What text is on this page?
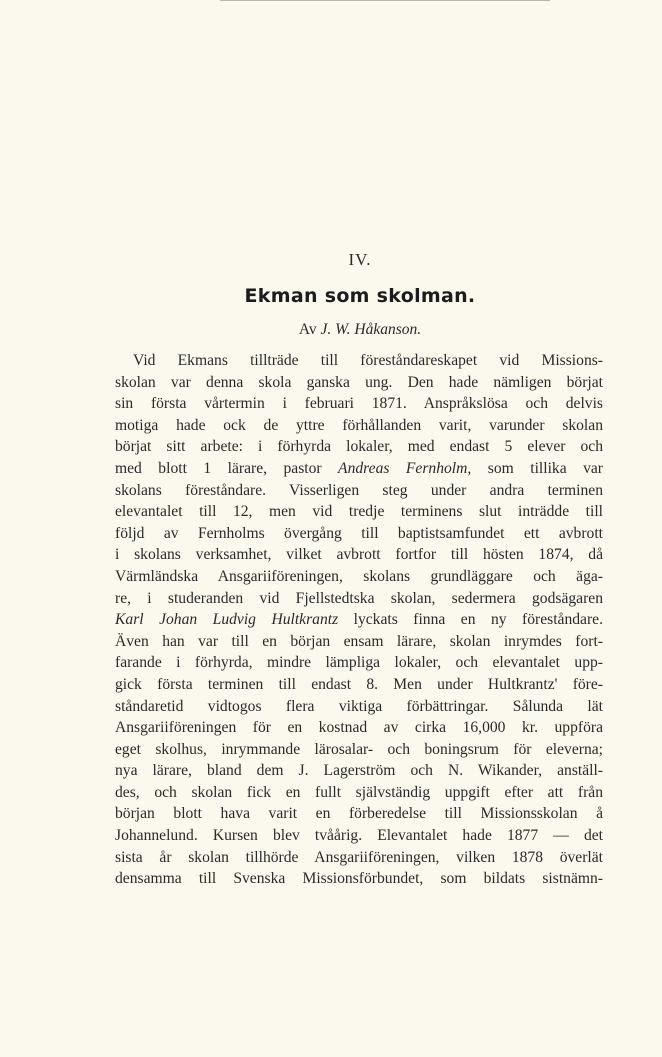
IV.
Ekman som skolman.
Av J. W. Håkanson.
Vid Ekmans tillträde till föreståndareskapet vid Missions-
skolan var denna skola ganska ung. Den hade nämligen börjat
sin första vårtermin i februari 1871. Anspråkslösa och delvis
motiga hade ock de yttre förhållanden varit, varunder skolan
börjat sitt arbete: i förhyrda lokaler, med endast 5 elever och
med blott 1 lärare, pastor Andreas Fernholm, som tillika var
skolans föreståndare. Visserligen steg under andra terminen
elevantalet till 12, men vid tredje terminens slut inträdde till
följd av Fernholms övergång till baptistsamfundet ett avbrott
i skolans verksamhet, vilket avbrott fortfor till hösten 1874, då
Värmländska Ansgariiföreningen, skolans grundläggare och äga-
re, i studeranden vid Fjellstedtska skolan, sedermera godsägaren
Karl Johan Ludvig Hultkrantz lyckats finna en ny föreståndare.
Även han var till en början ensam lärare, skolan inrymdes fort-
farande i förhyrda, mindre lämpliga lokaler, och elevantalet upp-
gick första terminen till endast 8. Men under Hultkrantz' före-
ståndaretid vidtogos flera viktiga förbättringar. Sålunda lät
Ansgariiföreningen för en kostnad av cirka 16,000 kr. uppföra
eget skolhus, inrymmande lärosalar- och boningsrum för eleverna;
nya lärare, bland dem J. Lagerström och N. Wikander, anställ-
des, och skolan fick en fullt självständig uppgift efter att från
början blott hava varit en förberedelse till Missionsskolan å
Johannelund. Kursen blev tvåårig. Elevantalet hade 1877 — det
sista år skolan tillhörde Ansgariiföreningen, vilken 1878 överlät
densamma till Svenska Missionsförbundet, som bildats sistnämn-
